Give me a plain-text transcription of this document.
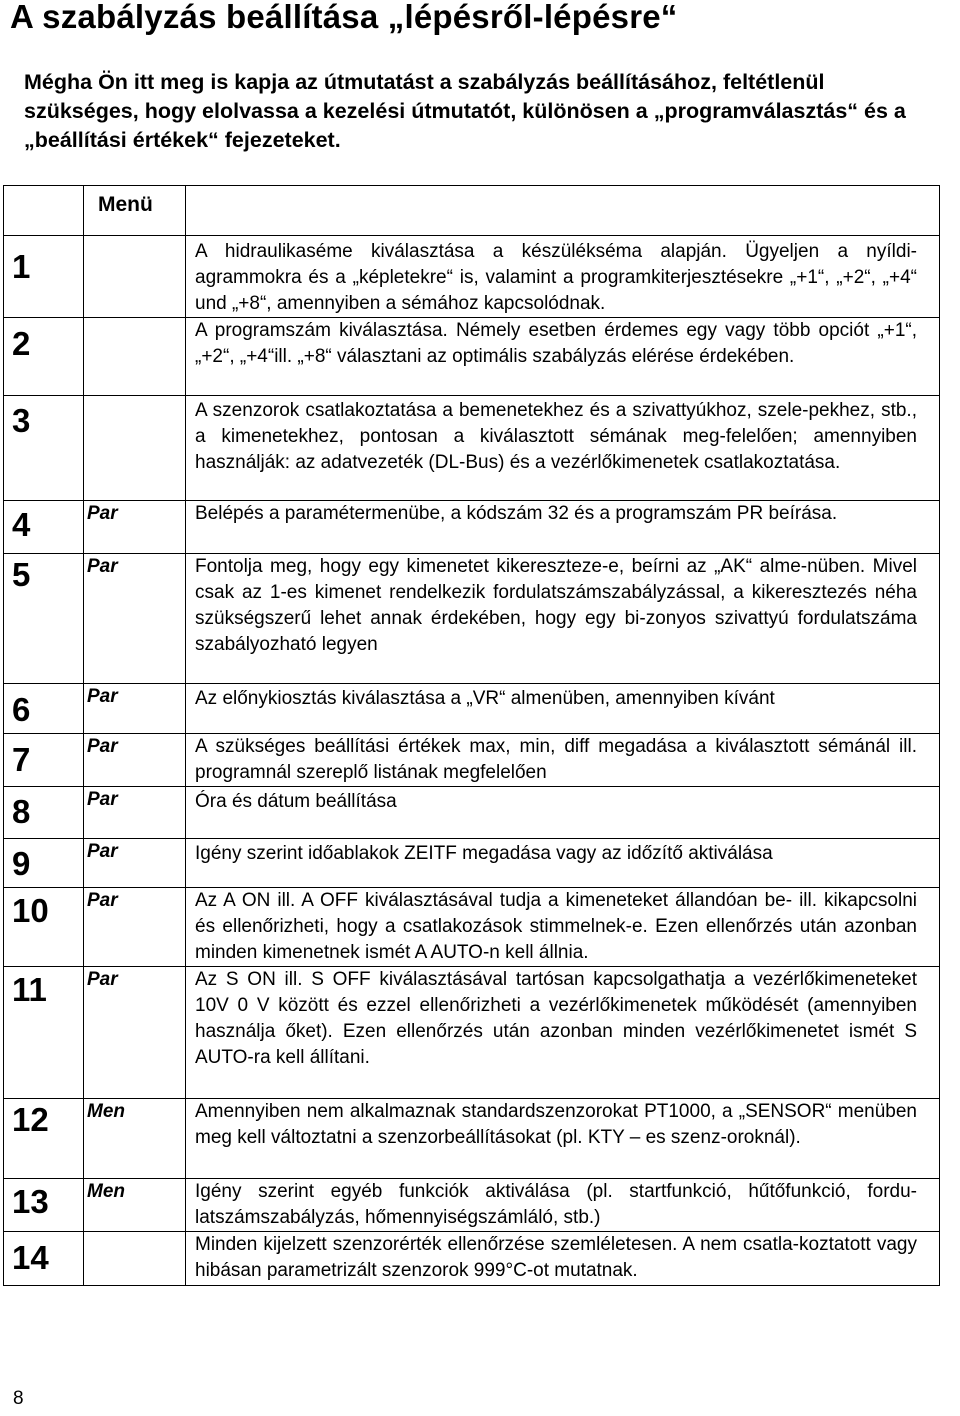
A szabályzás beállítása „lépésről-lépésre“

Mégha Ön itt meg is kapja az útmutatást a szabályzás beállításához, feltétlenül szükséges, hogy elolvassa a kezelési útmutatót, különösen a „programválasztás“ és a „beállítási értékek“ fejezeteket.

	Menü	

1		A hidraulikaséme kiválasztása a készülékséma alapján. Ügyeljen a nyíldi-agrammokra és a „képletekre“ is, valamint a programkiterjesztésekre „+1“, „+2“, „+4“ und „+8“, amennyiben a sémához kapcsolódnak.

2		A programszám kiválasztása. Némely esetben érdemes egy vagy több opciót „+1“, „+2“, „+4“ill. „+8“ választani az optimális szabályzás elérése érdekében.

3		A szenzorok csatlakoztatása a bemenetekhez és a szivattyúkhoz, szele-pekhez, stb., a kimenetekhez, pontosan a kiválasztott sémának meg-felelően; amennyiben használják: az adatvezeték (DL-Bus) és a vezérlőkimenetek csatlakoztatása.

4	Par	Belépés a paramétermenübe, a kódszám 32 és a programszám PR beírása.

5	Par	Fontolja meg, hogy egy kimenetet kikereszteze-e, beírni az „AK“ alme-nüben. Mivel csak az 1-es kimenet rendelkezik fordulatszámszabályzással, a kikeresztezés néha szükségszerű lehet annak érdekében, hogy egy bi-zonyos szivattyú fordulatszáma szabályozható legyen

6	Par	Az előnykiosztás kiválasztása a „VR“ almenüben, amennyiben kívánt

7	Par	A szükséges beállítási értékek max, min, diff megadása a kiválasztott sémánál ill. programnál szereplő listának megfelelően

8	Par	Óra és dátum beállítása

9	Par	Igény szerint időablakok ZEITF megadása vagy az időzítő aktiválása

10	Par	Az A ON ill. A OFF kiválasztásával tudja a kimeneteket állandóan be- ill. kikapcsolni és ellenőrizheti, hogy a csatlakozások stimmelnek-e. Ezen ellenőrzés után azonban minden kimenetnek ismét A AUTO-n kell állnia.

11	Par	Az S ON ill. S OFF kiválasztásával tartósan kapcsolgathatja a vezérlőkimeneteket 10V 0 V között és ezzel ellenőrizheti a vezérlőkimenetek működését (amennyiben használja őket). Ezen ellenőrzés után azonban minden vezérlőkimenetet ismét S AUTO-ra kell állítani.

12	Men	Amennyiben nem alkalmaznak standardszenzorokat PT1000, a „SENSOR“ menüben meg kell változtatni a szenzorbeállításokat (pl. KTY – es szenz-oroknál).

13	Men	Igény szerint egyéb funkciók aktiválása (pl. startfunkció, hűtőfunkció, fordu-latszámszabályzás, hőmennyiségszámláló, stb.)

14		Minden kijelzett szenzorérték ellenőrzése szemléletesen. A nem csatla-koztatott vagy hibásan parametrizált szenzorok 999°C-ot mutatnak.
8
